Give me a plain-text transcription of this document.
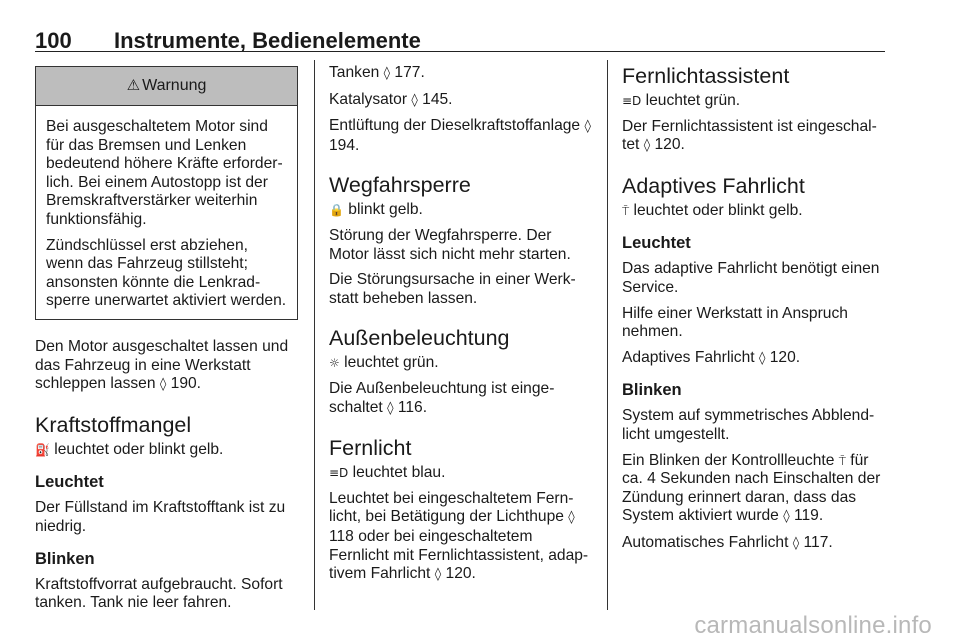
100 Instrumente, Bedienelemente
⚠ Warnung

Bei ausgeschaltetem Motor sind für das Bremsen und Lenken bedeutend höhere Kräfte erforder-lich. Bei einem Autostopp ist der Bremskraftverstärker weiterhin funktionsfähig.

Zündschlüssel erst abziehen, wenn das Fahrzeug stillsteht; ansonsten könnte die Lenkrad-sperre unerwartet aktiviert werden.

Den Motor ausgeschaltet lassen und das Fahrzeug in eine Werkstatt schleppen lassen ◊ 190.

Kraftstoffmangel

⛽ leuchtet oder blinkt gelb.

Leuchtet

Der Füllstand im Kraftstofftank ist zu niedrig.

Blinken

Kraftstoffvorrat aufgebraucht. Sofort tanken. Tank nie leer fahren.

Tanken ◊ 177.

Katalysator ◊ 145.

Entlüftung der Dieselkraftstoffanlage ◊ 194.

Wegfahrsperre

🔒 blinkt gelb.

Störung der Wegfahrsperre. Der Motor lässt sich nicht mehr starten.

Die Störungsursache in einer Werk-statt beheben lassen.

Außenbeleuchtung

☼ leuchtet grün.

Die Außenbeleuchtung ist einge-schaltet ◊ 116.

Fernlicht

≡D leuchtet blau.

Leuchtet bei eingeschaltetem Fern-licht, bei Betätigung der Lichthupe ◊ 118 oder bei eingeschaltetem Fernlicht mit Fernlichtassistent, adap-tivem Fahrlicht ◊ 120.

Fernlichtassistent

≡D leuchtet grün.

Der Fernlichtassistent ist eingeschal-tet ◊ 120.

Adaptives Fahrlicht

⍑ leuchtet oder blinkt gelb.

Leuchtet

Das adaptive Fahrlicht benötigt einen Service.

Hilfe einer Werkstatt in Anspruch nehmen.

Adaptives Fahrlicht ◊ 120.

Blinken

System auf symmetrisches Abblend-licht umgestellt.

Ein Blinken der Kontrollleuchte ⍑ für ca. 4 Sekunden nach Einschalten der Zündung erinnert daran, dass das System aktiviert wurde ◊ 119.

Automatisches Fahrlicht ◊ 117.

carmanualsonline.info
